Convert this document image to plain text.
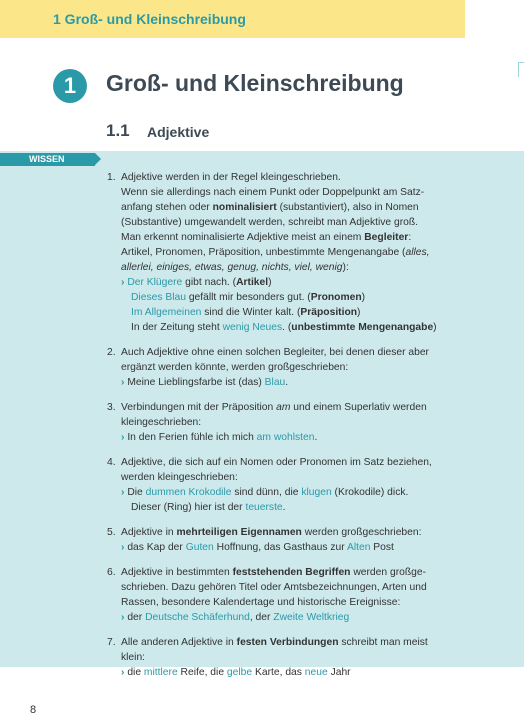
1 Groß- und Kleinschreibung
1	Groß- und Kleinschreibung
1.1 Adjektive
WISSEN
1. Adjektive werden in der Regel kleingeschrieben.
Wenn sie allerdings nach einem Punkt oder Doppelpunkt am Satz-
anfang stehen oder nominalisiert (substantiviert), also in Nomen
(Substantive) umgewandelt werden, schreibt man Adjektive groß.
Man erkennt nominalisierte Adjektive meist an einem Begleiter:
Artikel, Pronomen, Präposition, unbestimmte Mengenangabe (alles,
allerlei, einiges, etwas, genug, nichts, viel, wenig):
› Der Klügere gibt nach. (Artikel)
Dieses Blau gefällt mir besonders gut. (Pronomen)
Im Allgemeinen sind die Winter kalt. (Präposition)
In der Zeitung steht wenig Neues. (unbestimmte Mengenangabe)
2. Auch Adjektive ohne einen solchen Begleiter, bei denen dieser aber
ergänzt werden könnte, werden großgeschrieben:
› Meine Lieblingsfarbe ist (das) Blau.
3. Verbindungen mit der Präposition am und einem Superlativ werden
kleingeschrieben:
› In den Ferien fühle ich mich am wohlsten.
4. Adjektive, die sich auf ein Nomen oder Pronomen im Satz beziehen,
werden kleingeschrieben:
› Die dummen Krokodile sind dünn, die klugen (Krokodile) dick.
Dieser (Ring) hier ist der teuerste.
5. Adjektive in mehrteiligen Eigennamen werden großgeschrieben:
› das Kap der Guten Hoffnung, das Gasthaus zur Alten Post
6. Adjektive in bestimmten feststehenden Begriffen werden großge-
schrieben. Dazu gehören Titel oder Amtsbezeichnungen, Arten und
Rassen, besondere Kalendertage und historische Ereignisse:
› der Deutsche Schäferhund, der Zweite Weltkrieg
7. Alle anderen Adjektive in festen Verbindungen schreibt man meist
klein:
› die mittlere Reife, die gelbe Karte, das neue Jahr
8
